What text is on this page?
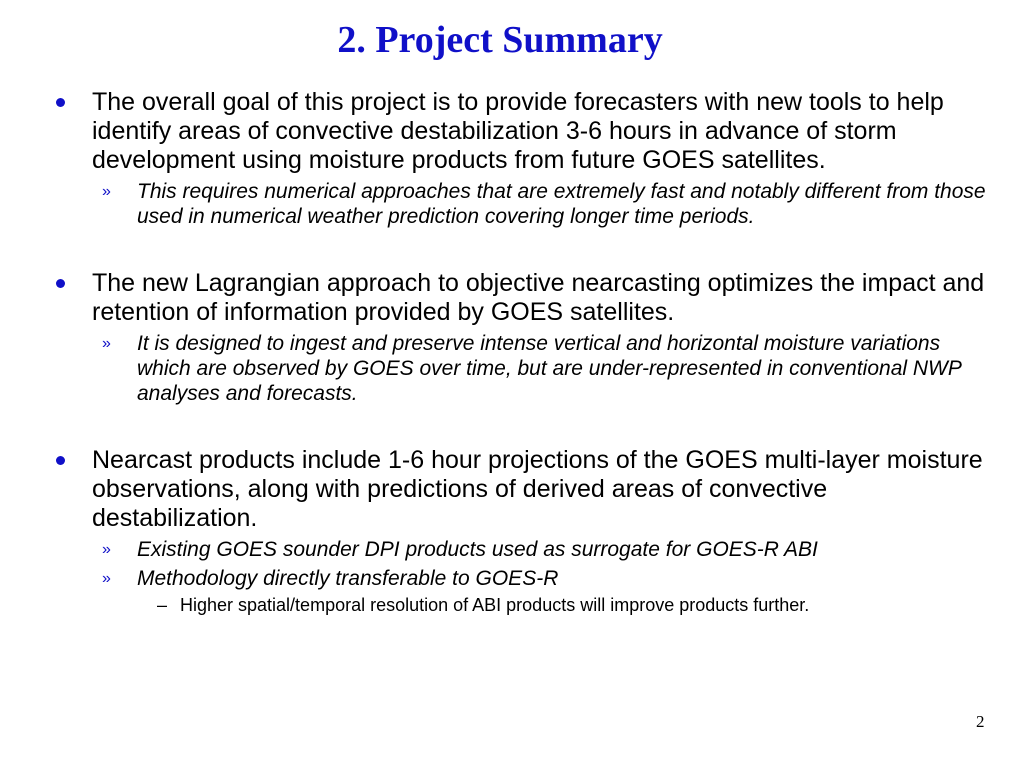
2. Project Summary
The overall goal of this project is to provide forecasters with new tools to help identify areas of convective destabilization 3-6 hours in advance of storm development using moisture products from future GOES satellites.
» This requires numerical approaches that are extremely fast and notably different from those used in numerical weather prediction covering longer time periods.
The new Lagrangian approach to objective nearcasting optimizes the impact and retention of information provided by GOES satellites.
» It is designed to ingest and preserve intense vertical and horizontal moisture variations which are observed by GOES over time, but are under-represented in conventional NWP analyses and forecasts.
Nearcast products include 1-6 hour projections of the GOES multi-layer moisture observations, along with predictions of derived areas of convective destabilization.
» Existing GOES sounder DPI products used as surrogate for GOES-R ABI
» Methodology directly transferable to GOES-R
– Higher spatial/temporal resolution of ABI products will improve products further.
2
